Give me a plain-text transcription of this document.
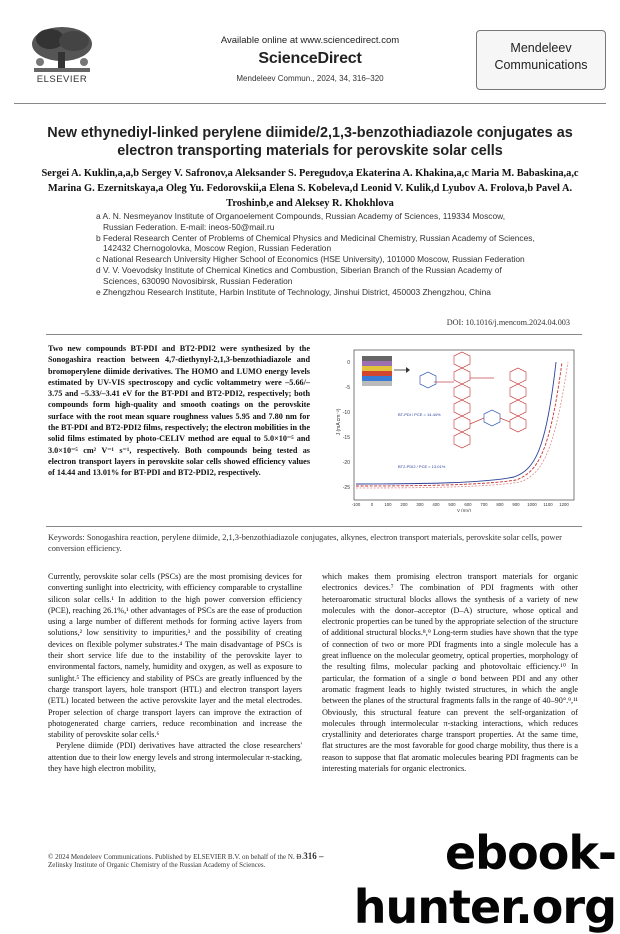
ELSEVIER
Available online at www.sciencedirect.com
ScienceDirect
Mendeleev Commun., 2024, 34, 316–320
Mendeleev Communications
New ethynediyl-linked perylene diimide/2,1,3-benzothiadiazole conjugates as electron transporting materials for perovskite solar cells
Sergei A. Kuklin,a,a,b Sergey V. Safronov,a Aleksander S. Peregudov,a Ekaterina A. Khakina,a,c Maria M. Babaskina,a,c Marina G. Ezernitskaya,a Oleg Yu. Fedorovskii,a Elena S. Kobeleva,d Leonid V. Kulik,d Lyubov A. Frolova,b Pavel A. Troshinb,e and Aleksey R. Khokhlova
a A. N. Nesmeyanov Institute of Organoelement Compounds, Russian Academy of Sciences, 119334 Moscow, Russian Federation. E-mail: ineos-50@mail.ru
b Federal Research Center of Problems of Chemical Physics and Medicinal Chemistry, Russian Academy of Sciences, 142432 Chernogolovka, Moscow Region, Russian Federation
c National Research University Higher School of Economics (HSE University), 101000 Moscow, Russian Federation
d V. V. Voevodsky Institute of Chemical Kinetics and Combustion, Siberian Branch of the Russian Academy of Sciences, 630090 Novosibirsk, Russian Federation
e Zhengzhou Research Institute, Harbin Institute of Technology, Jinshui District, 450003 Zhengzhou, China
DOI: 10.1016/j.mencom.2024.04.003
Two new compounds BT-PDI and BT2-PDI2 were synthesized by the Sonogashira reaction between 4,7-diethynyl-2,1,3-benzothiadiazole and bromoperylene diimide derivatives. The HOMO and LUMO energy levels estimated by UV-VIS spectroscopy and cyclic voltammetry were –5.66/–3.75 and –5.33/–3.41 eV for the BT-PDI and BT2-PDI2, respectively; both compounds form high-quality and smooth coatings on the perovskite surface with the root mean square roughness values 5.95 and 7.80 nm for the BT-PDI and BT2-PDI2 films, respectively; the electron mobilities in the solid films estimated by photo-CELIV method are equal to 5.0×10⁻⁵ and 3.0×10⁻⁵ cm² V⁻¹ s⁻¹, respectively. Both compounds being tested as electron transport layers in perovskite solar cells showed efficiency values of 14.44 and 13.01% for BT-PDI and BT2-PDI2, respectively.
0
-5
-10
-15
-20
-25
J (mA cm⁻²)
-100 0	100 200 300 400 500 600 700 800 900 1000 1100 1200
V (mV)
BT-PDI / PCE = 14.44%
BT2-PDI2 / PCE = 13.01%
Keywords: Sonogashira reaction, perylene diimide, 2,1,3-benzothiadiazole conjugates, alkynes, electron transport materials, perovskite solar cells, power conversion efficiency.

Currently, perovskite solar cells (PSCs) are the most promising devices for converting sunlight into electricity, with efficiency comparable to crystalline silicon solar cells.¹ In addition to the high power conversion efficiency (PCE), reaching 26.1%,¹ other advantages of PSCs are the ease of production using a large number of different methods for forming active layers from solutions,² low sensitivity to impurities,³ and the possibility of creating devices on flexible polymer substrates.⁴ The main disadvantage of PSCs is their short service life due to the instability of the perovskite layer to environmental factors, namely, humidity and oxygen, as well as exposure to sunlight.⁵ The efficiency and stability of PSCs are greatly influenced by the charge transport layers, hole transport (HTL) and electron transport layers (ETL) located between the active perovskite layer and the metal electrodes. Proper selection of charge transport layers can improve the extraction of photogenerated charge carriers, reduce recombination and increase the stability of perovskite solar cells.⁶

Perylene diimide (PDI) derivatives have attracted the close researchers' attention due to their low energy levels and strong intermolecular π-stacking, they have high electron mobility,

which makes them promising electron transport materials for organic electronics devices.⁷ The combination of PDI fragments with other heteroaromatic structural blocks allows the synthesis of a variety of new molecules with the donor–acceptor (D–A) structure, whose optical and electronic properties can be tuned by the appropriate selection of the structure of additional structural blocks.⁸,⁹ Long-term studies have shown that the type of connection of two or more PDI fragments into a single molecule has a great influence on the molecular geometry, optical properties, morphology of the resulting films, molecular packing and photovoltaic efficiency.¹⁰ In particular, the formation of a single σ bond between PDI and any other aromatic fragment leads to highly twisted structures, in which the angle between the planes of the structural fragments falls in the range of 40–90°.⁹,¹¹ Obviously, this structural feature can prevent the self-organization of molecules through intermolecular π-stacking interactions, which reduces crystallinity and deteriorates charge transport properties. At the same time, flat structures are the most favorable for good charge mobility, thus there is a reason to suppose that flat aromatic molecules bearing PDI fragments can be interesting materials for organic electronics.

© 2024 Mendeleev Communications. Published by ELSEVIER B.V. on behalf of the N. D. Zelinsky Institute of Organic Chemistry of the Russian Academy of Sciences.
– 316 –	ebook-hunter.org
